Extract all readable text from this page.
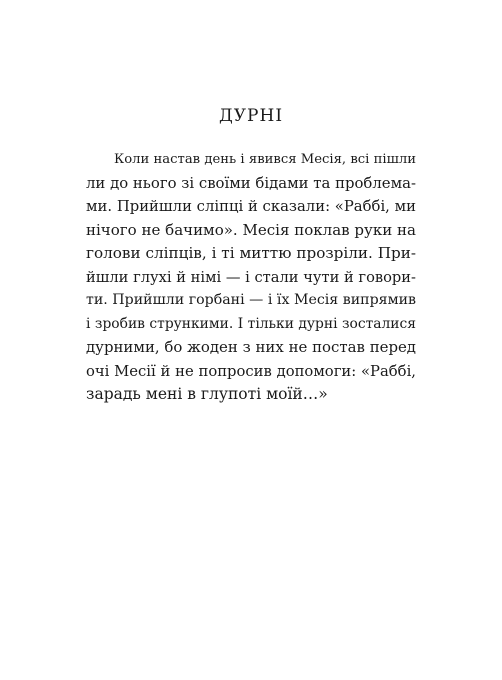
ДУРНІ
Коли настав день і явився Месія, всі пішли
ли до нього зі своїми бідами та проблема-
ми. Прийшли сліпці й сказали: «Раббі, ми
нічого не бачимо». Месія поклав руки на
голови сліпців, і ті миттю прозріли. При-
йшли глухі й німі — і стали чути й говори-
ти. Прийшли горбані — і їх Месія випрямив
і зробив стрункими. І тільки дурні зосталися
дурними, бо жоден з них не постав перед
очі Месії й не попросив допомоги: «Раббі,
зарадь мені в глупоті моїй…»
